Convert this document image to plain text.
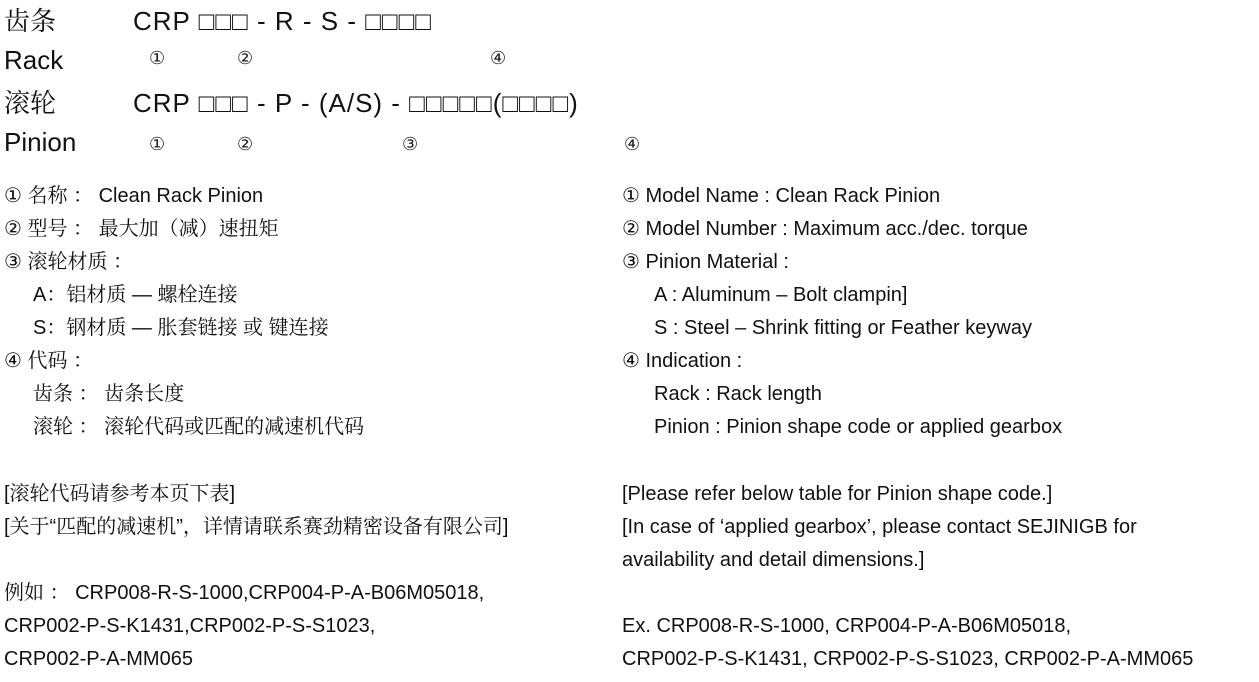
齿条	CRP □□□ - R - S - □□□□
Rack	①	②	④
滚轮	CRP □□□ - P - (A/S) - □□□□□(□□□□)
Pinion	①	②	③	④
① 名称 ： Clean Rack Pinion
② 型号 ： 最大加（减）速扭矩
③ 滚轮材质 ：
A：铝材质 — 螺栓连接
S：钢材质 — 胀套链接 或 键连接
④ 代码 ：
齿条 ： 齿条长度
滚轮 ： 滚轮代码或匹配的减速机代码
① Model Name : Clean Rack Pinion
② Model Number : Maximum acc./dec. torque
③ Pinion Material :
A : Aluminum – Bolt clampin]
S : Steel – Shrink fitting or Feather keyway
④ Indication :
Rack : Rack length
Pinion : Pinion shape code or applied gearbox
[滚轮代码请参考本页下表]
[关于“匹配的减速机”，详情请联系赛劲精密设备有限公司]
[Please refer below table for Pinion shape code.]
[In case of ‘applied gearbox’, please contact SEJINIGB for
availability and detail dimensions.]
例如 ： CRP008-R-S-1000,CRP004-P-A-B06M05018,
CRP002-P-S-K1431,CRP002-P-S-S1023,
CRP002-P-A-MM065
Ex. CRP008-R-S-1000, CRP004-P-A-B06M05018,
CRP002-P-S-K1431, CRP002-P-S-S1023, CRP002-P-A-MM065
